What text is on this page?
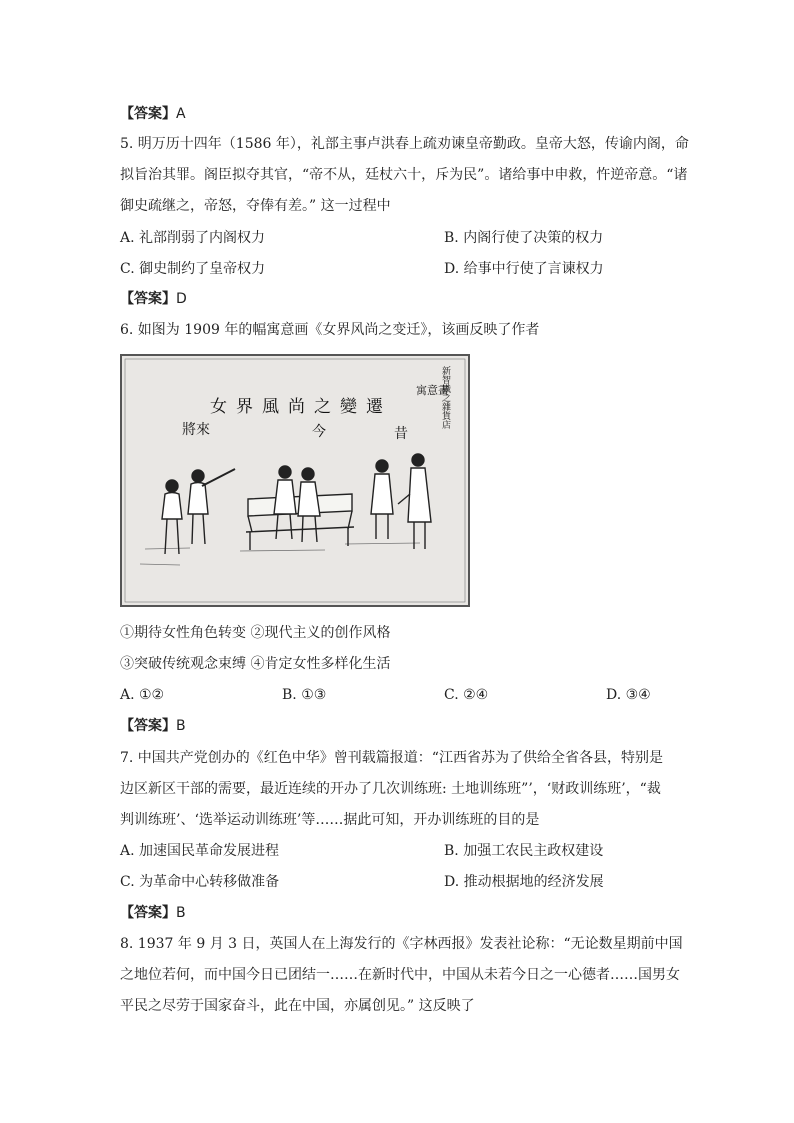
【答案】A
5. 明万历十四年（1586 年），礼部主事卢洪春上疏劝谏皇帝勤政。皇帝大怒，传谕内阁，命
拟旨治其罪。阁臣拟夺其官，“帝不从，廷杖六十，斥为民”。诸给事中申救，忤逆帝意。“诸
御史疏继之，帝怒，夺俸有差。” 这一过程中
A. 礼部削弱了内阁权力	B. 内阁行使了决策的权力
C. 御史制约了皇帝权力	D. 给事中行使了言谏权力
【答案】D
6. 如图为 1909 年的幅寓意画《女界风尚之变迁》，该画反映了作者
女界風尚之變遷
今	昔
將來
寓意畫
新智識之雜貨店
①期待女性角色转变 ②现代主义的创作风格
③突破传统观念束缚 ④肯定女性多样化生活
A. ①②	B. ①③	C. ②④	D. ③④
【答案】B
7. 中国共产党创办的《红色中华》曾刊载篇报道：“江西省苏为了供给全省各县，特别是
边区新区干部的需要，最近连续的开办了几次训练班: 土地训练班”’，‘财政训练班’，“裁
判训练班’、‘选举运动训练班’等……据此可知，开办训练班的目的是
A. 加速国民革命发展进程	B. 加强工农民主政权建设
C. 为革命中心转移做准备	D. 推动根据地的经济发展
【答案】B
8. 1937 年 9 月 3 日，英国人在上海发行的《字林西报》发表社论称：“无论数星期前中国
之地位若何，而中国今日已团结一……在新时代中，中国从未若今日之一心德者……国男女
平民之尽劳于国家奋斗，此在中国，亦属创见。” 这反映了
